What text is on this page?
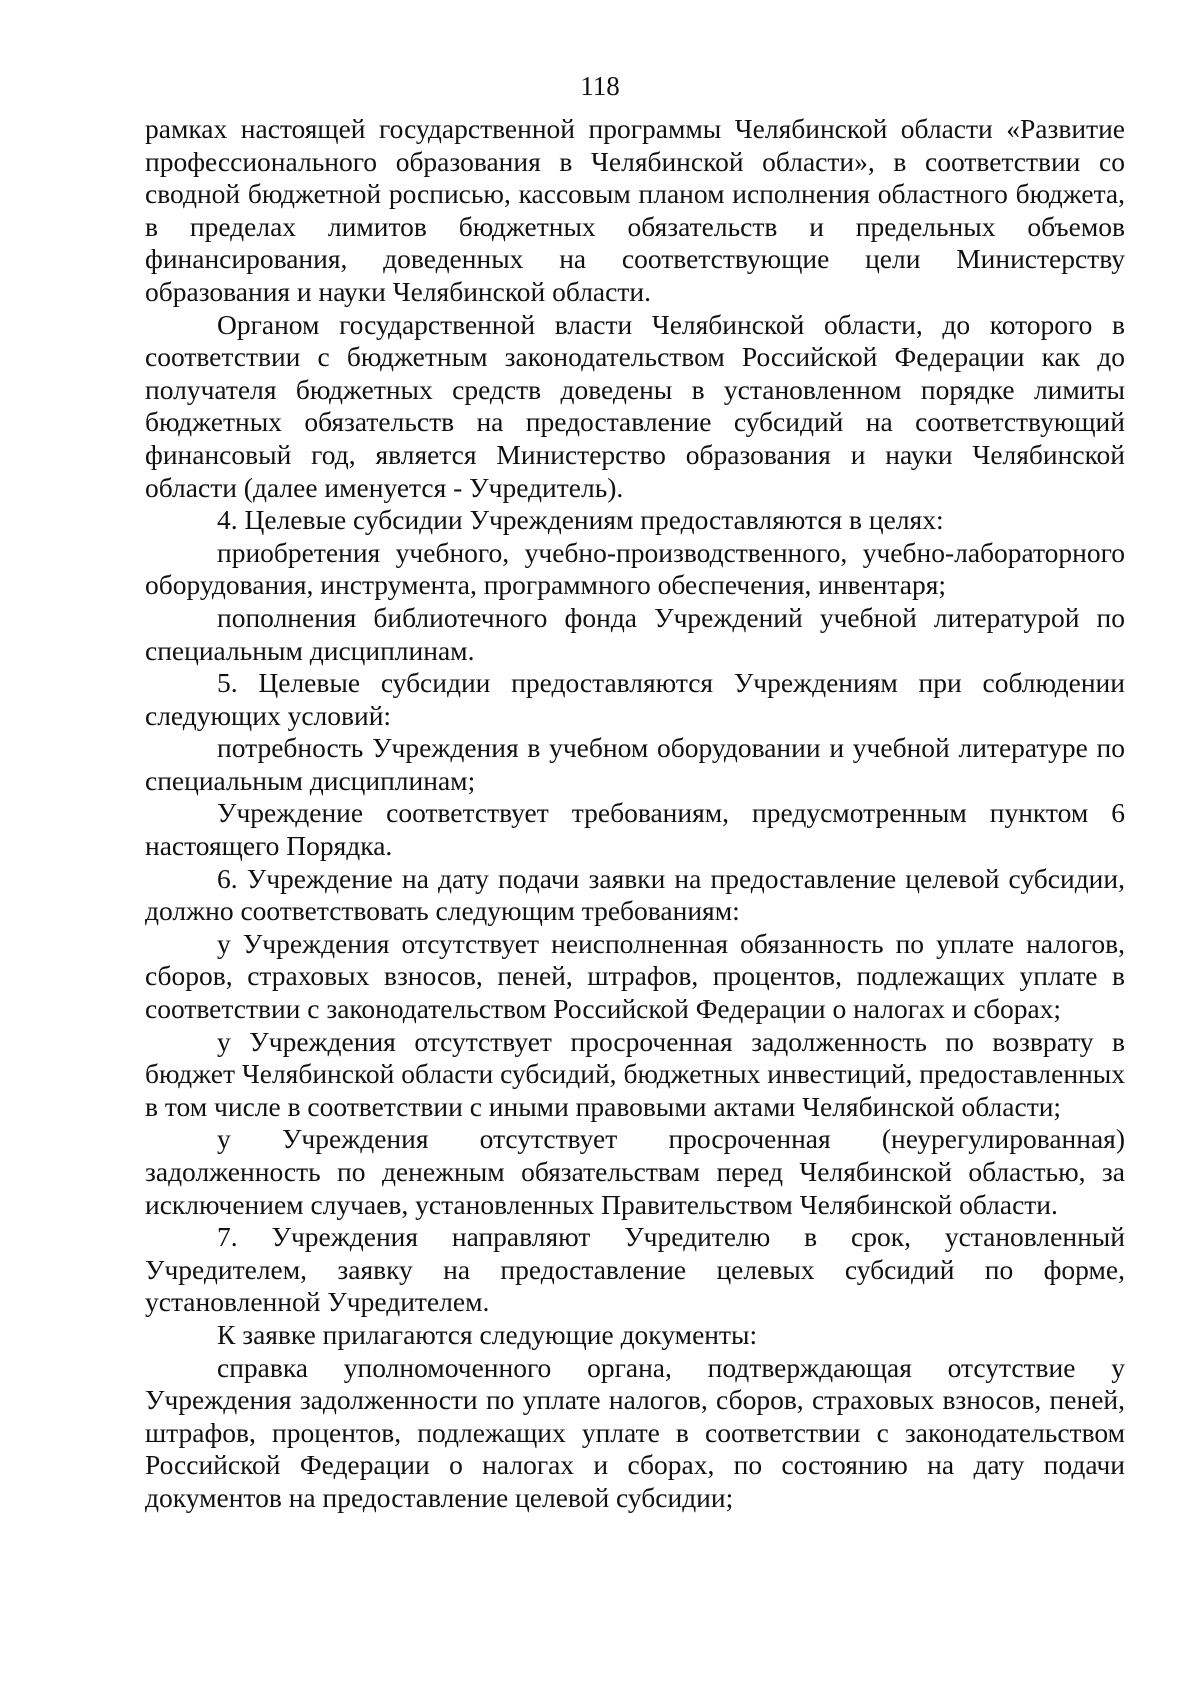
118

рамках настоящей государственной программы Челябинской области «Развитие профессионального образования в Челябинской области», в соответствии со сводной бюджетной росписью, кассовым планом исполнения областного бюджета, в пределах лимитов бюджетных обязательств и предельных объемов финансирования, доведенных на соответствующие цели Министерству образования и науки Челябинской области.

Органом государственной власти Челябинской области, до которого в соответствии с бюджетным законодательством Российской Федерации как до получателя бюджетных средств доведены в установленном порядке лимиты бюджетных обязательств на предоставление субсидий на соответствующий финансовый год, является Министерство образования и науки Челябинской области (далее именуется - Учредитель).

4. Целевые субсидии Учреждениям предоставляются в целях:

приобретения учебного, учебно-производственного, учебно-лабораторного оборудования, инструмента, программного обеспечения, инвентаря;

пополнения библиотечного фонда Учреждений учебной литературой по специальным дисциплинам.

5. Целевые субсидии предоставляются Учреждениям при соблюдении следующих условий:

потребность Учреждения в учебном оборудовании и учебной литературе по специальным дисциплинам;

Учреждение соответствует требованиям, предусмотренным пунктом 6 настоящего Порядка.

6. Учреждение на дату подачи заявки на предоставление целевой субсидии, должно соответствовать следующим требованиям:

у Учреждения отсутствует неисполненная обязанность по уплате налогов, сборов, страховых взносов, пеней, штрафов, процентов, подлежащих уплате в соответствии с законодательством Российской Федерации о налогах и сборах;

у Учреждения отсутствует просроченная задолженность по возврату в бюджет Челябинской области субсидий, бюджетных инвестиций, предоставленных в том числе в соответствии с иными правовыми актами Челябинской области;

у Учреждения отсутствует просроченная (неурегулированная) задолженность по денежным обязательствам перед Челябинской областью, за исключением случаев, установленных Правительством Челябинской области.

7. Учреждения направляют Учредителю в срок, установленный Учредителем, заявку на предоставление целевых субсидий по форме, установленной Учредителем.

К заявке прилагаются следующие документы:

справка уполномоченного органа, подтверждающая отсутствие у Учреждения задолженности по уплате налогов, сборов, страховых взносов, пеней, штрафов, процентов, подлежащих уплате в соответствии с законодательством Российской Федерации о налогах и сборах, по состоянию на дату подачи документов на предоставление целевой субсидии;
